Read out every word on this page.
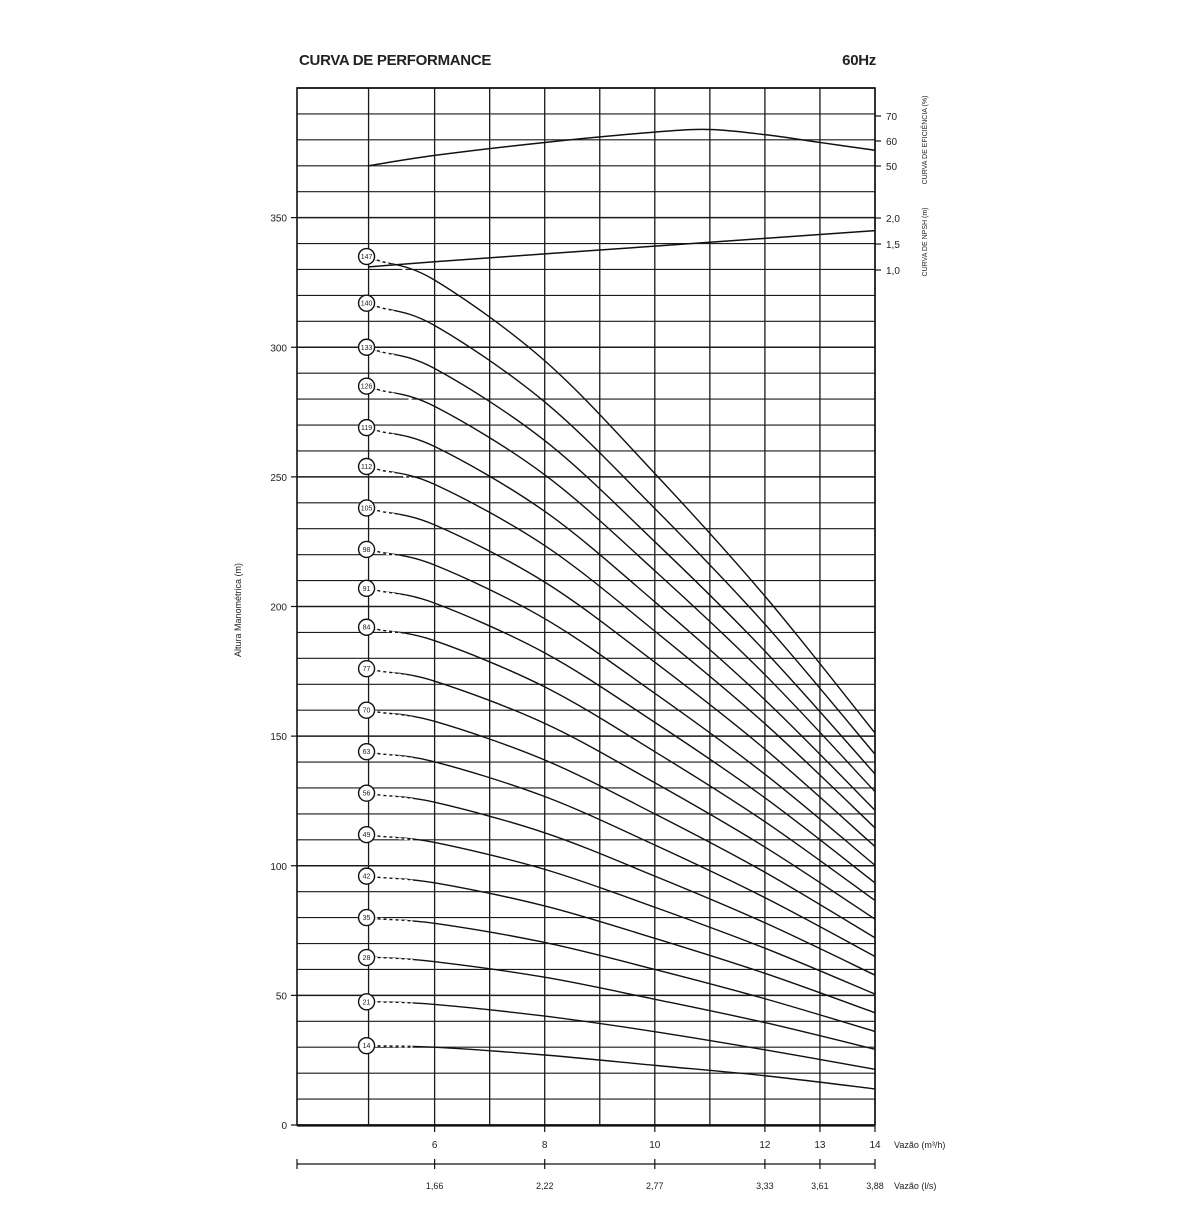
CURVA DE PERFORMANCE	60Hz
14
21
28
35
42
49
56
63
70
77
84
91
98
105
112
119
126
133
140
147
0
50
100
150
200
250
300
350
6
1,66
8
2,22
10
2,77
12
3,33
13
3,61
14
3,88
70
60
50
2,0
1,5
1,0
Altura Manométrica (m)
Vazão (m³/h)
Vazão (l/s)
CURVA DE EFICIÊNCIA (%)
CURVA DE NPSH (m)
